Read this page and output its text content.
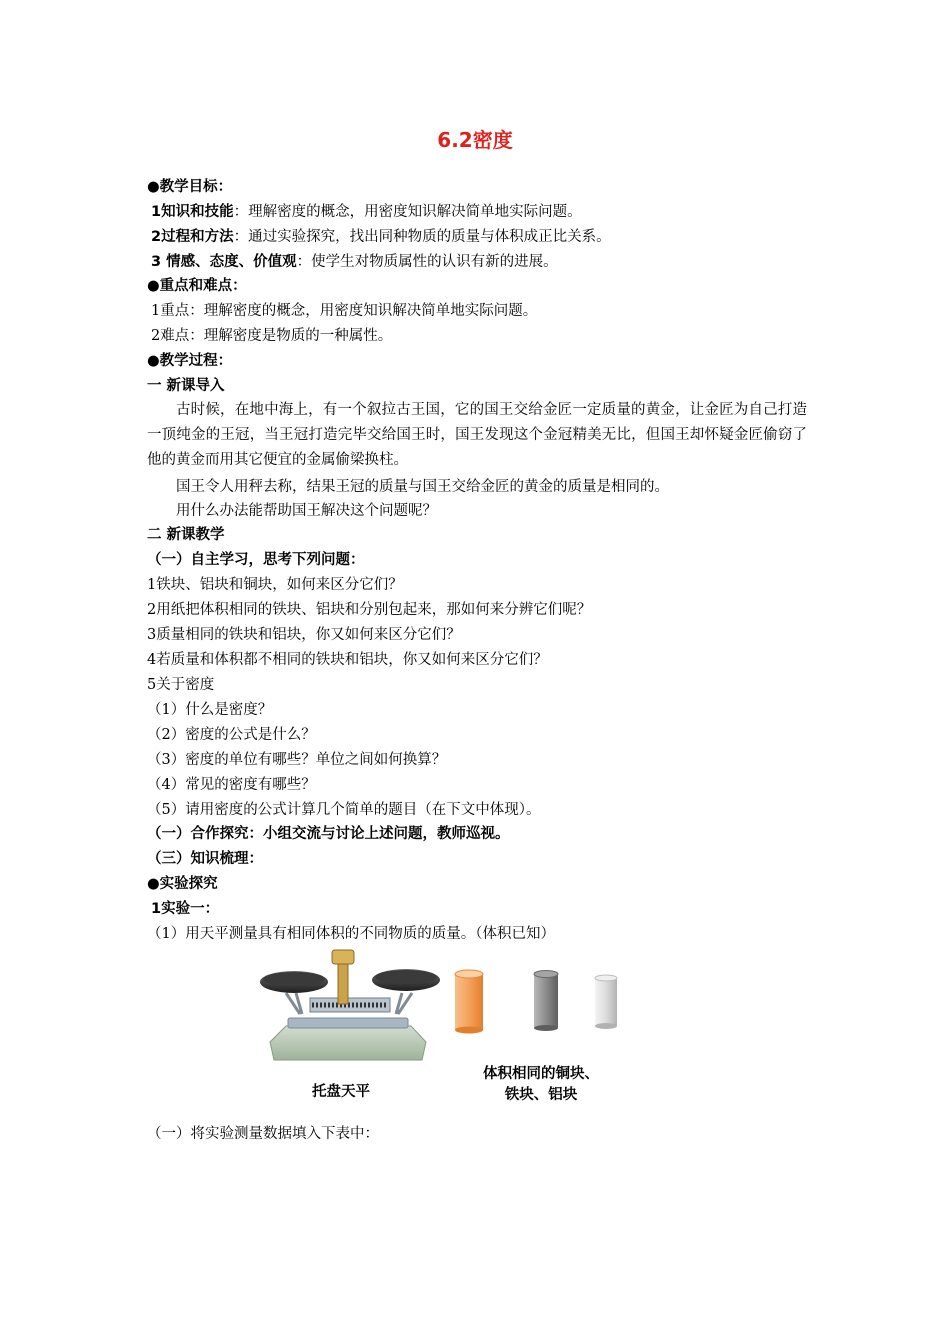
6.2密度
●教学目标：
1知识和技能：理解密度的概念，用密度知识解决简单地实际问题。
2过程和方法：通过实验探究，找出同种物质的质量与体积成正比关系。
3 情感、态度、价值观：使学生对物质属性的认识有新的进展。
●重点和难点：
1重点：理解密度的概念，用密度知识解决简单地实际问题。
2难点：理解密度是物质的一种属性。
●教学过程：
一 新课导入
古时候，在地中海上，有一个叙拉古王国，它的国王交给金匠一定质量的黄金，让金匠为自己打造一顶纯金的王冠，当王冠打造完毕交给国王时，国王发现这个金冠精美无比，但国王却怀疑金匠偷窃了他的黄金而用其它便宜的金属偷梁换柱。
国王令人用秤去称，结果王冠的质量与国王交给金匠的黄金的质量是相同的。
用什么办法能帮助国王解决这个问题呢？
二 新课教学
（一）自主学习，思考下列问题：
1铁块、铝块和铜块，如何来区分它们？
2用纸把体积相同的铁块、铝块和分别包起来，那如何来分辨它们呢？
3质量相同的铁块和铝块，你又如何来区分它们？
4若质量和体积都不相同的铁块和铝块，你又如何来区分它们？
5关于密度
（1）什么是密度？
（2）密度的公式是什么？
（3）密度的单位有哪些？单位之间如何换算？
（4）常见的密度有哪些？
（5）请用密度的公式计算几个简单的题目（在下文中体现）。
（一）合作探究：小组交流与讨论上述问题，教师巡视。
（三）知识梳理：
●实验探究
1实验一：
（1）用天平测量具有相同体积的不同物质的质量。（体积已知）
托盘天平
体积相同的铜块、
铁块、铝块
（一）将实验测量数据填入下表中：
